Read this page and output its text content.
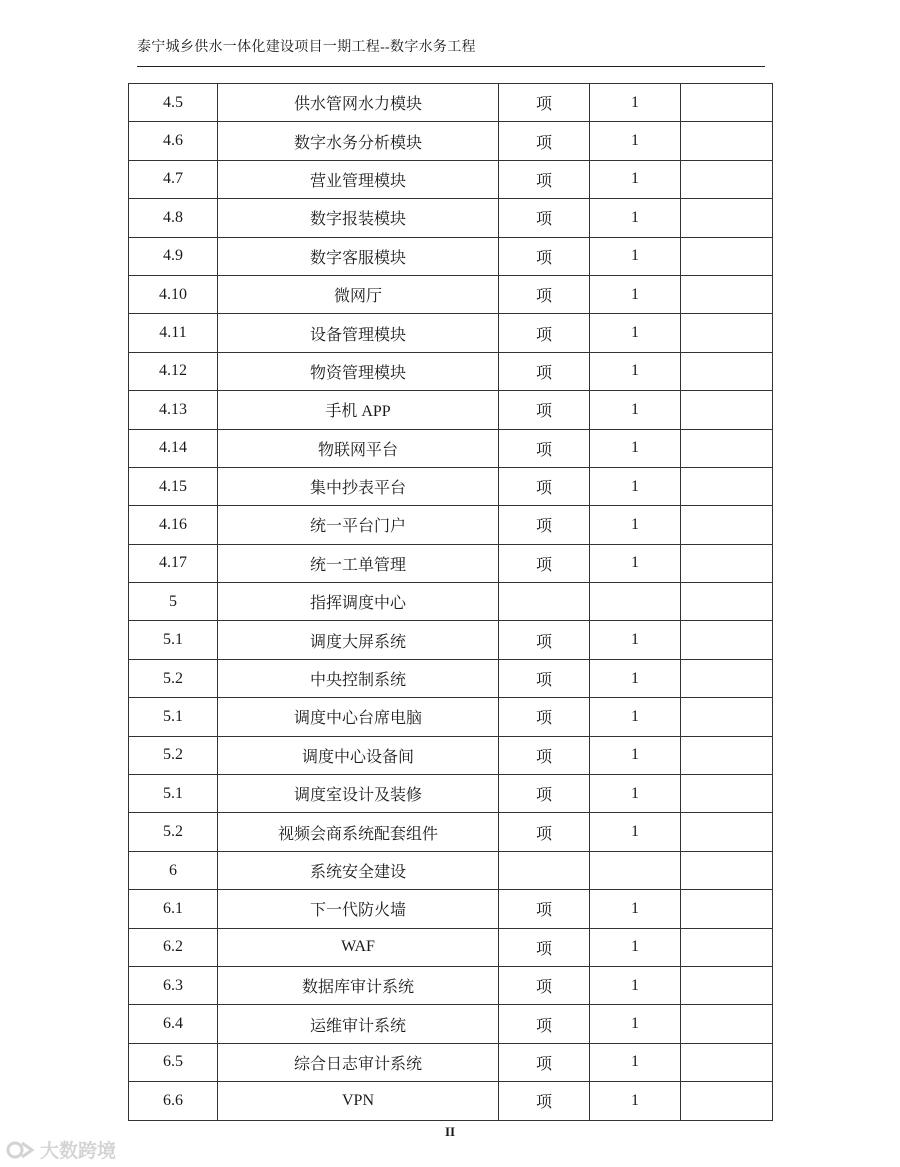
泰宁城乡供水一体化建设项目一期工程--数字水务工程
4.5	供水管网水力模块	项	1	
4.6	数字水务分析模块	项	1	
4.7	营业管理模块	项	1	
4.8	数字报装模块	项	1	
4.9	数字客服模块	项	1	
4.10	微网厅	项	1	
4.11	设备管理模块	项	1	
4.12	物资管理模块	项	1	
4.13	手机 APP	项	1	
4.14	物联网平台	项	1	
4.15	集中抄表平台	项	1	
4.16	统一平台门户	项	1	
4.17	统一工单管理	项	1	
5	指挥调度中心			
5.1	调度大屏系统	项	1	
5.2	中央控制系统	项	1	
5.1	调度中心台席电脑	项	1	
5.2	调度中心设备间	项	1	
5.1	调度室设计及装修	项	1	
5.2	视频会商系统配套组件	项	1	
6	系统安全建设			
6.1	下一代防火墙	项	1	
6.2	WAF	项	1	
6.3	数据库审计系统	项	1	
6.4	运维审计系统	项	1	
6.5	综合日志审计系统	项	1	
6.6	VPN	项	1	
II
大数跨境
